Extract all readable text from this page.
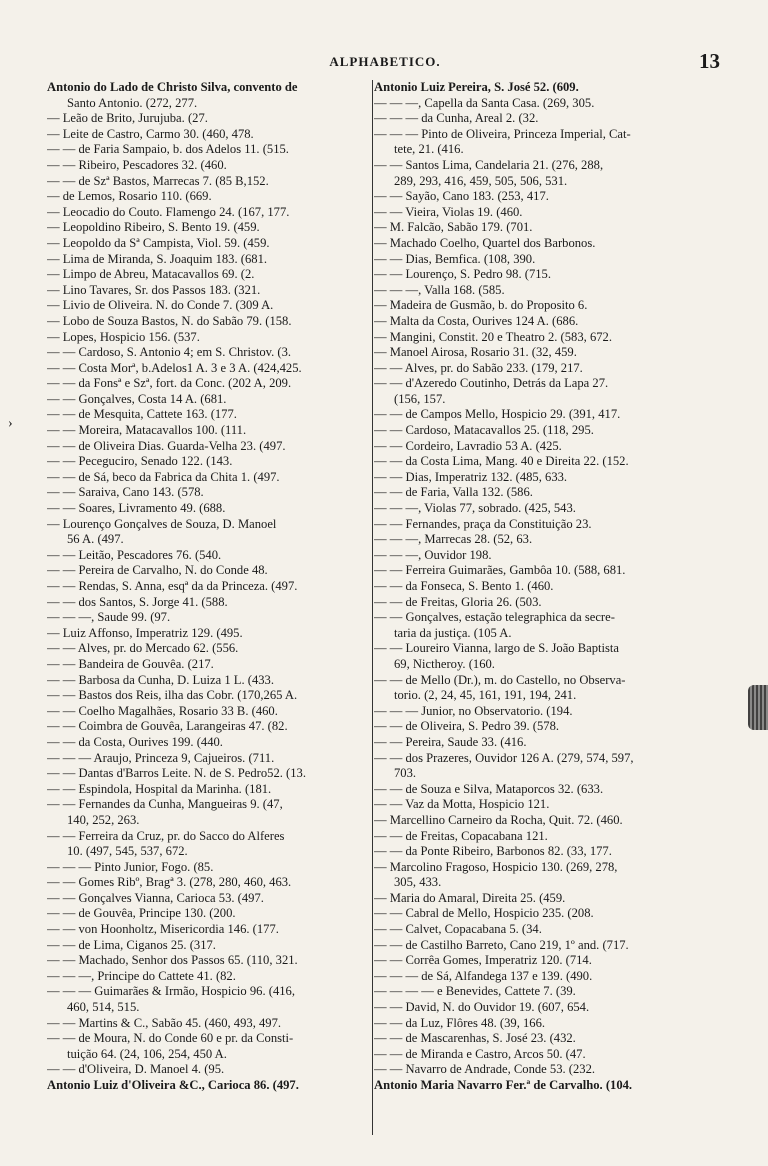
ALPHABETICO.	13
›
Antonio do Lado de Christo Silva, convento de
Santo Antonio. (272, 277.
— Leão de Brito, Jurujuba. (27.
— Leite de Castro, Carmo 30. (460, 478.
— — de Faria Sampaio, b. dos Adelos 11. (515.
— — Ribeiro, Pescadores 32. (460.
— — de Szª Bastos, Marrecas 7. (85 B,152.
— de Lemos, Rosario 110. (669.
— Leocadio do Couto. Flamengo 24. (167, 177.
— Leopoldino Ribeiro, S. Bento 19. (459.
— Leopoldo da Sª Campista, Viol. 59. (459.
— Lima de Miranda, S. Joaquim 183. (681.
— Limpo de Abreu, Matacavallos 69. (2.
— Lino Tavares, Sr. dos Passos 183. (321.
— Livio de Oliveira. N. do Conde 7. (309 A.
— Lobo de Souza Bastos, N. do Sabão 79. (158.
— Lopes, Hospicio 156. (537.
— — Cardoso, S. Antonio 4; em S. Christov. (3.
— — Costa Morª, b.Adelos1 A. 3 e 3 A. (424,425.
— — da Fonsª e Szª, fort. da Conc. (202 A, 209.
— — Gonçalves, Costa 14 A. (681.
— — de Mesquita, Cattete 163. (177.
— — Moreira, Matacavallos 100. (111.
— — de Oliveira Dias. Guarda-Velha 23. (497.
— — Peceguciro, Senado 122. (143.
— — de Sá, beco da Fabrica da Chita 1. (497.
— — Saraiva, Cano 143. (578.
— — Soares, Livramento 49. (688.
— Lourenço Gonçalves de Souza, D. Manoel
56 A. (497.
— — Leitão, Pescadores 76. (540.
— — Pereira de Carvalho, N. do Conde 48.
— — Rendas, S. Anna, esqª da da Princeza. (497.
— — dos Santos, S. Jorge 41. (588.
— — —, Saude 99. (97.
— Luiz Affonso, Imperatriz 129. (495.
— — Alves, pr. do Mercado 62. (556.
— — Bandeira de Gouvêa. (217.
— — Barbosa da Cunha, D. Luiza 1 L. (433.
— — Bastos dos Reis, ilha das Cobr. (170,265 A.
— — Coelho Magalhães, Rosario 33 B. (460.
— — Coimbra de Gouvêa, Larangeiras 47. (82.
— — da Costa, Ourives 199. (440.
— — — Araujo, Princeza 9, Cajueiros. (711.
— — Dantas d'Barros Leite. N. de S. Pedro52. (13.
— — Espindola, Hospital da Marinha. (181.
— — Fernandes da Cunha, Mangueiras 9. (47,
140, 252, 263.
— — Ferreira da Cruz, pr. do Sacco do Alferes
10. (497, 545, 537, 672.
— — — Pinto Junior, Fogo. (85.
— — Gomes Ribº, Bragª 3. (278, 280, 460, 463.
— — Gonçalves Vianna, Carioca 53. (497.
— — de Gouvêa, Principe 130. (200.
— — von Hoonholtz, Misericordia 146. (177.
— — de Lima, Ciganos 25. (317.
— — Machado, Senhor dos Passos 65. (110, 321.
— — —, Principe do Cattete 41. (82.
— — — Guimarães & Irmão, Hospicio 96. (416,
460, 514, 515.
— — Martins & C., Sabão 45. (460, 493, 497.
— — de Moura, N. do Conde 60 e pr. da Consti-
tuição 64. (24, 106, 254, 450 A.
— — d'Oliveira, D. Manoel 4. (95.
Antonio Luiz d'Oliveira &C., Carioca 86. (497.
Antonio Luiz Pereira, S. José 52. (609.
— — —, Capella da Santa Casa. (269, 305.
— — — da Cunha, Areal 2. (32.
— — — Pinto de Oliveira, Princeza Imperial, Cat-
tete, 21. (416.
— — Santos Lima, Candelaria 21. (276, 288,
289, 293, 416, 459, 505, 506, 531.
— — Sayão, Cano 183. (253, 417.
— — Vieira, Violas 19. (460.
— M. Falcão, Sabão 179. (701.
— Machado Coelho, Quartel dos Barbonos.
— — Dias, Bemfica. (108, 390.
— — Lourenço, S. Pedro 98. (715.
— — —, Valla 168. (585.
— Madeira de Gusmão, b. do Proposito 6.
— Malta da Costa, Ourives 124 A. (686.
— Mangini, Constit. 20 e Theatro 2. (583, 672.
— Manoel Airosa, Rosario 31. (32, 459.
— — Alves, pr. do Sabão 233. (179, 217.
— — d'Azeredo Coutinho, Detrás da Lapa 27.
(156, 157.
— — de Campos Mello, Hospicio 29. (391, 417.
— — Cardoso, Matacavallos 25. (118, 295.
— — Cordeiro, Lavradio 53 A. (425.
— — da Costa Lima, Mang. 40 e Direita 22. (152.
— — Dias, Imperatriz 132. (485, 633.
— — de Faria, Valla 132. (586.
— — —, Violas 77, sobrado. (425, 543.
— — Fernandes, praça da Constituição 23.
— — —, Marrecas 28. (52, 63.
— — —, Ouvidor 198.
— — Ferreira Guimarães, Gambôa 10. (588, 681.
— — da Fonseca, S. Bento 1. (460.
— — de Freitas, Gloria 26. (503.
— — Gonçalves, estação telegraphica da secre-
taria da justiça. (105 A.
— — Loureiro Vianna, largo de S. João Baptista
69, Nictheroy. (160.
— — de Mello (Dr.), m. do Castello, no Observa-
torio. (2, 24, 45, 161, 191, 194, 241.
— — — Junior, no Observatorio. (194.
— — de Oliveira, S. Pedro 39. (578.
— — Pereira, Saude 33. (416.
— — dos Prazeres, Ouvidor 126 A. (279, 574, 597,
703.
— — de Souza e Silva, Mataporcos 32. (633.
— — Vaz da Motta, Hospicio 121.
— Marcellino Carneiro da Rocha, Quit. 72. (460.
— — de Freitas, Copacabana 121.
— — da Ponte Ribeiro, Barbonos 82. (33, 177.
— Marcolino Fragoso, Hospicio 130. (269, 278,
305, 433.
— Maria do Amaral, Direita 25. (459.
— — Cabral de Mello, Hospicio 235. (208.
— — Calvet, Copacabana 5. (34.
— — de Castilho Barreto, Cano 219, 1º and. (717.
— — Corrêa Gomes, Imperatriz 120. (714.
— — — de Sá, Alfandega 137 e 139. (490.
— — — — e Benevides, Cattete 7. (39.
— — David, N. do Ouvidor 19. (607, 654.
— — da Luz, Flôres 48. (39, 166.
— — de Mascarenhas, S. José 23. (432.
— — de Miranda e Castro, Arcos 50. (47.
— — Navarro de Andrade, Conde 53. (232.
Antonio Maria Navarro Fer.ª de Carvalho. (104.
